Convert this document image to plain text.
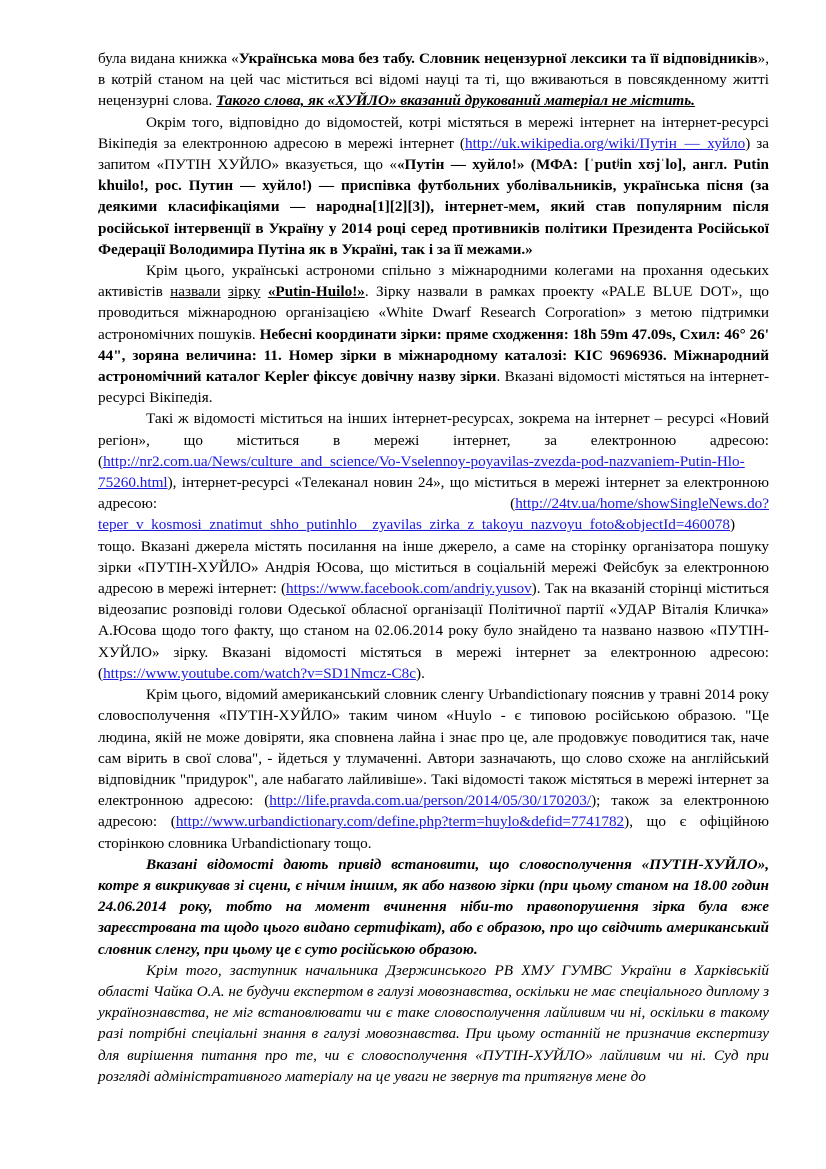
була видана книжка «Українська мова без табу. Словник нецензурної лексики та її відповідників», в котрій станом на цей час міститься всі відомі науці та ті, що вживаються в повсякденному житті нецензурні слова. Такого слова, як «ХУЙЛО» вказаний друкований матеріал не містить.

Окрім того, відповідно до відомостей, котрі містяться в мережі інтернет на інтернет-ресурсі Вікіпедія за електронною адресою в мережі інтернет (http://uk.wikipedia.org/wiki/Путін_—_хуйло) за запитом «ПУТІН ХУЙЛО» вказується, що ««Путін — хуйло!» (МФА: [ˈputʲin xʊjˈlo], англ. Putin khuilo!, рос. Путин — хуйло!) — приспівка футбольних уболівальників, українська пісня (за деякими класифікаціями — народна[1][2][3]), інтернет-мем, який став популярним після російської інтервенції в Україну у 2014 році серед противників політики Президента Російської Федерації Володимира Путіна як в Україні, так і за її межами.»

Крім цього, українські астрономи спільно з міжнародними колегами на прохання одеських активістів назвали зірку «Putin-Huilo!». Зірку назвали в рамках проекту «PALE BLUE DOT», що проводиться міжнародною організацією «White Dwarf Research Corporation» з метою підтримки астрономічних пошуків. Небесні координати зірки: пряме сходження: 18h 59m 47.09s, Схил: 46° 26' 44", зоряна величина: 11. Номер зірки в міжнародному каталозі: KIC 9696936. Міжнародний астрономічний каталог Kepler фіксує довічну назву зірки. Вказані відомості містяться на інтернет-ресурсі Вікіпедія.

Такі ж відомості міститься на інших інтернет-ресурсах, зокрема на інтернет – ресурсі «Новий регіон», що міститься в мережі інтернет, за електронною адресою: (http://nr2.com.ua/News/culture_and_science/Vo-Vselennoy-poyavilas-zvezda-pod-nazvaniem-Putin-Hlo-75260.html), інтернет-ресурсі «Телеканал новин 24», що міститься в мережі інтернет за електронною адресою: (http://24tv.ua/home/showSingleNews.do?teper_v_kosmosi_znatimut_shho_putinhlo__zyavilas_zirka_z_takoyu_nazvoyu_foto&objectId=460078) тощо. Вказані джерела містять посилання на інше джерело, а саме на сторінку організатора пошуку зірки «ПУТІН-ХУЙЛО» Андрія Юсова, що міститься в соціальній мережі Фейсбук за електронною адресою в мережі інтернет: (https://www.facebook.com/andriy.yusov). Так на вказаній сторінці міститься відеозапис розповіді голови Одеської обласної організації Політичної партії «УДАР Віталія Кличка» А.Юсова щодо того факту, що станом на 02.06.2014 року було знайдено та названо назвою «ПУТІН-ХУЙЛО» зірку. Вказані відомості містяться в мережі інтернет за електронною адресою: (https://www.youtube.com/watch?v=SD1Nmcz-C8c).

Крім цього, відомий американський словник сленгу Urbandictionary пояснив у травні 2014 року словосполучення «ПУТІН-ХУЙЛО» таким чином «Huylo - є типовою російською образою. "Це людина, якій не може довіряти, яка сповнена лайна і знає про це, але продовжує поводитися так, наче сам вірить в свої слова", - йдеться у тлумаченні. Автори зазначають, що слово схоже на англійський відповідник "придурок", але набагато лайливіше». Такі відомості також містяться в мережі інтернет за електронною адресою: (http://life.pravda.com.ua/person/2014/05/30/170203/); також за електронною адресою: (http://www.urbandictionary.com/define.php?term=huylo&defid=7741782), що є офіційною сторінкою словника Urbandictionary тощо.

Вказані відомості дають привід встановити, що словосполучення «ПУТІН-ХУЙЛО», котре я викрикував зі сцени, є нічим іншим, як або назвою зірки (при цьому станом на 18.00 годин 24.06.2014 року, тобто на момент вчинення ніби-то правопорушення зірка була вже зареєстрована та щодо цього видано сертифікат), або є образою, про що свідчить американський словник сленгу, при цьому це є суто російською образою.

Крім того, заступник начальника Дзержинського РВ ХМУ ГУМВС України в Харківській області Чайка О.А. не будучи експертом в галузі мовознавства, оскільки не має спеціального диплому з українознавства, не міг встановлювати чи є таке словосполучення лайливим чи ні, оскільки в такому разі потрібні спеціальні знання в галузі мовознавства. При цьому останній не призначив експертизу для вирішення питання про те, чи є словосполучення «ПУТІН-ХУЙЛО» лайливим чи ні. Суд при розгляді адміністративного матеріалу на це уваги не звернув та притягнув мене до
